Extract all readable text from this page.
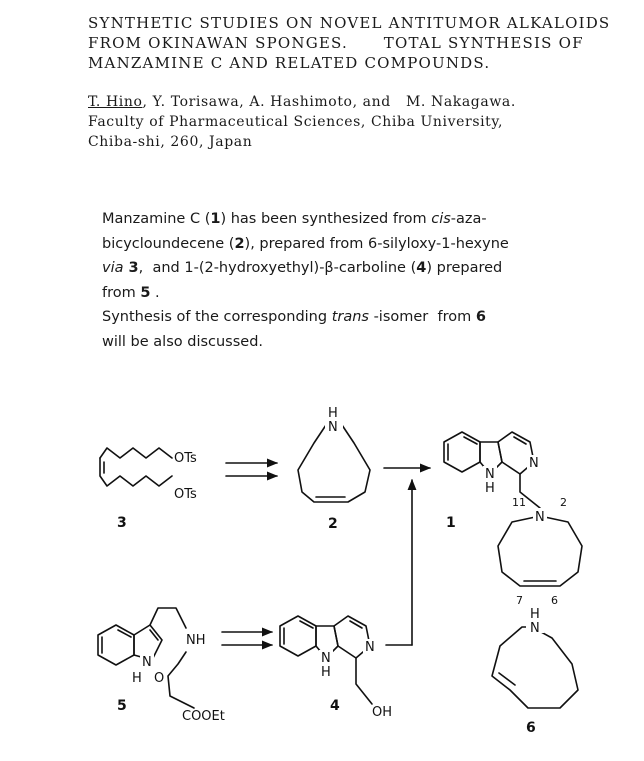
SYNTHETIC STUDIES ON NOVEL ANTITUMOR ALKALOIDS
FROM OKINAWAN SPONGES.      TOTAL SYNTHESIS OF
MANZAMINE C AND RELATED COMPOUNDS.
T. Hino, Y. Torisawa, A. Hashimoto, and   M. Nakagawa.
Faculty of Pharmaceutical Sciences, Chiba University,
Chiba-shi, 260, Japan
Manzamine C (1) has been synthesized from cis-aza-
bicycloundecene (2), prepared from 6-silyloxy-1-hexyne
via 3,  and 1-(2-hydroxyethyl)-β-carboline (4) prepared
from 5 .
Synthesis of the corresponding trans -isomer  from 6
will be also discussed.
OTs
OTs
3
N
H
2
N
N
H
N
11	2
7	6
1
N
H
NH
O
COOEt
5
N
N
H
OH
4
N
H
6
